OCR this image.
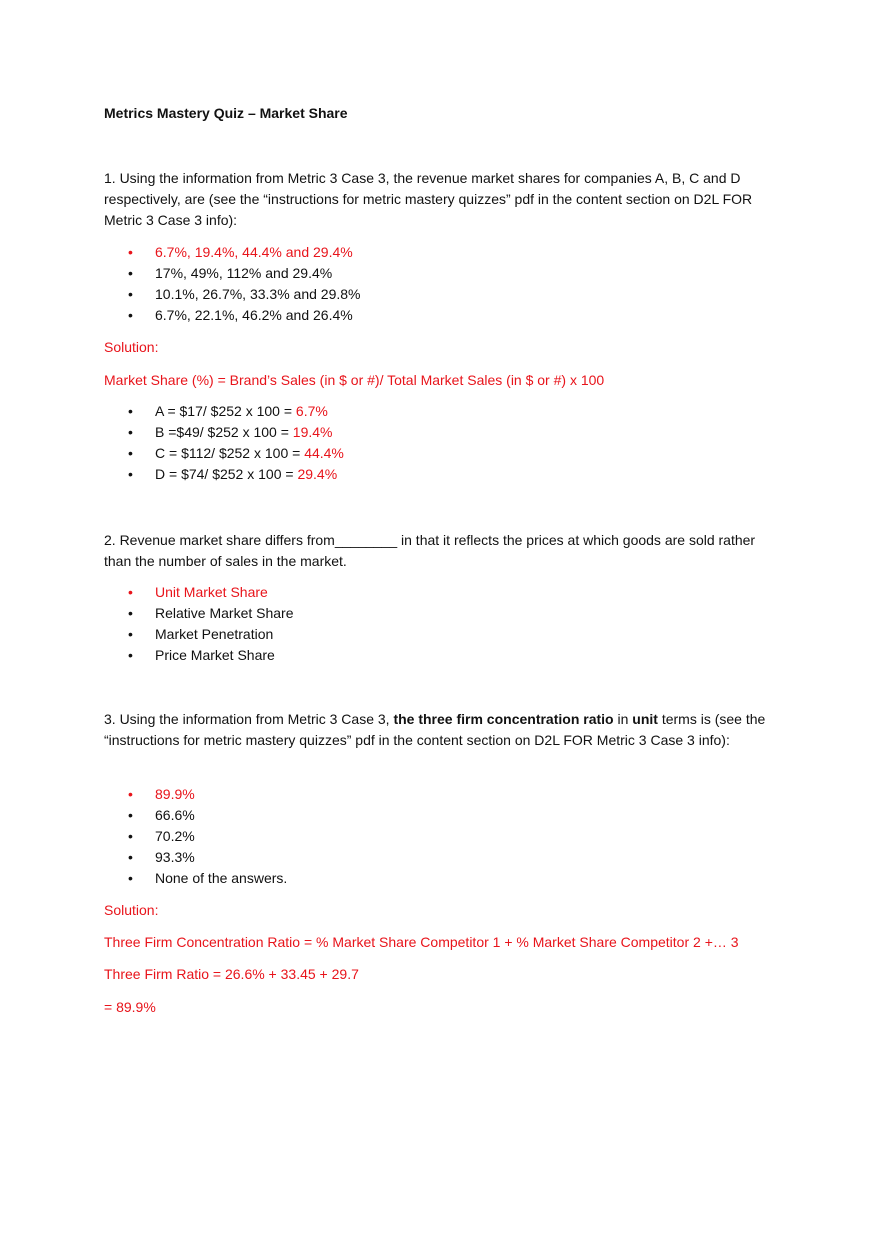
Metrics Mastery Quiz – Market Share
1. Using the information from Metric 3 Case 3, the revenue market shares for companies A, B, C and D respectively, are (see the “instructions for metric mastery quizzes” pdf in the content section on D2L FOR Metric 3 Case 3 info):
• 6.7%, 19.4%, 44.4% and 29.4%
• 17%, 49%, 112% and 29.4%
• 10.1%, 26.7%, 33.3% and 29.8%
• 6.7%, 22.1%, 46.2% and 26.4%
Solution:
Market Share (%) = Brand’s Sales (in $ or #)/ Total Market Sales (in $ or #) x 100
• A = $17/ $252 x 100 = 6.7%
• B =$49/ $252 x 100 = 19.4%
• C = $112/ $252 x 100 = 44.4%
• D = $74/ $252 x 100 = 29.4%
2. Revenue market share differs from________ in that it reflects the prices at which goods are sold rather than the number of sales in the market.
• Unit Market Share
• Relative Market Share
• Market Penetration
• Price Market Share
3. Using the information from Metric 3 Case 3, the three firm concentration ratio in unit terms is (see the “instructions for metric mastery quizzes” pdf in the content section on D2L FOR Metric 3 Case 3 info):
• 89.9%
• 66.6%
• 70.2%
• 93.3%
• None of the answers.
Solution:
Three Firm Concentration Ratio = % Market Share Competitor 1 + % Market Share Competitor 2 +… 3
Three Firm Ratio = 26.6% + 33.45 + 29.7
= 89.9%
